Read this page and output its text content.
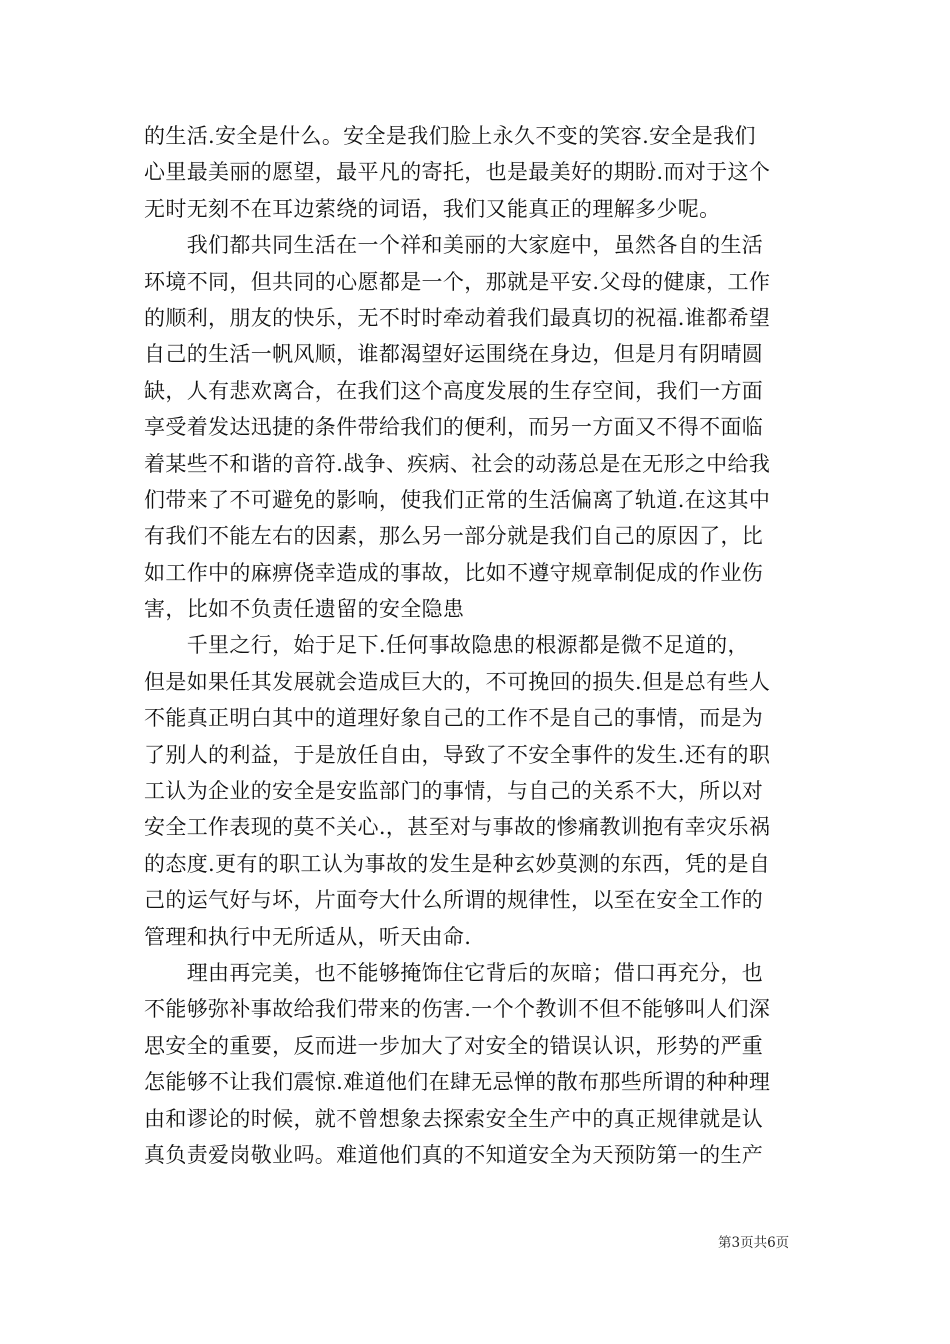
的生活.安全是什么。安全是我们脸上永久不变的笑容.安全是我们
心里最美丽的愿望，最平凡的寄托，也是最美好的期盼.而对于这个
无时无刻不在耳边萦绕的词语，我们又能真正的理解多少呢。
　　我们都共同生活在一个祥和美丽的大家庭中，虽然各自的生活
环境不同，但共同的心愿都是一个，那就是平安.父母的健康，工作
的顺利，朋友的快乐，无不时时牵动着我们最真切的祝福.谁都希望
自己的生活一帆风顺，谁都渴望好运围绕在身边，但是月有阴晴圆
缺，人有悲欢离合，在我们这个高度发展的生存空间，我们一方面
享受着发达迅捷的条件带给我们的便利，而另一方面又不得不面临
着某些不和谐的音符.战争、疾病、社会的动荡总是在无形之中给我
们带来了不可避免的影响，使我们正常的生活偏离了轨道.在这其中
有我们不能左右的因素，那么另一部分就是我们自己的原因了，比
如工作中的麻痹侥幸造成的事故，比如不遵守规章制促成的作业伤
害，比如不负责任遗留的安全隐患
　　千里之行，始于足下.任何事故隐患的根源都是微不足道的，
但是如果任其发展就会造成巨大的，不可挽回的损失.但是总有些人
不能真正明白其中的道理好象自己的工作不是自己的事情，而是为
了别人的利益，于是放任自由，导致了不安全事件的发生.还有的职
工认为企业的安全是安监部门的事情，与自己的关系不大，所以对
安全工作表现的莫不关心.，甚至对与事故的惨痛教训抱有幸灾乐祸
的态度.更有的职工认为事故的发生是种玄妙莫测的东西，凭的是自
己的运气好与坏，片面夸大什么所谓的规律性，以至在安全工作的
管理和执行中无所适从，听天由命.
　　理由再完美，也不能够掩饰住它背后的灰暗；借口再充分，也
不能够弥补事故给我们带来的伤害.一个个教训不但不能够叫人们深
思安全的重要，反而进一步加大了对安全的错误认识，形势的严重
怎能够不让我们震惊.难道他们在肆无忌惮的散布那些所谓的种种理
由和谬论的时候，就不曾想象去探索安全生产中的真正规律就是认
真负责爱岗敬业吗。难道他们真的不知道安全为天预防第一的生产
第3页共6页
